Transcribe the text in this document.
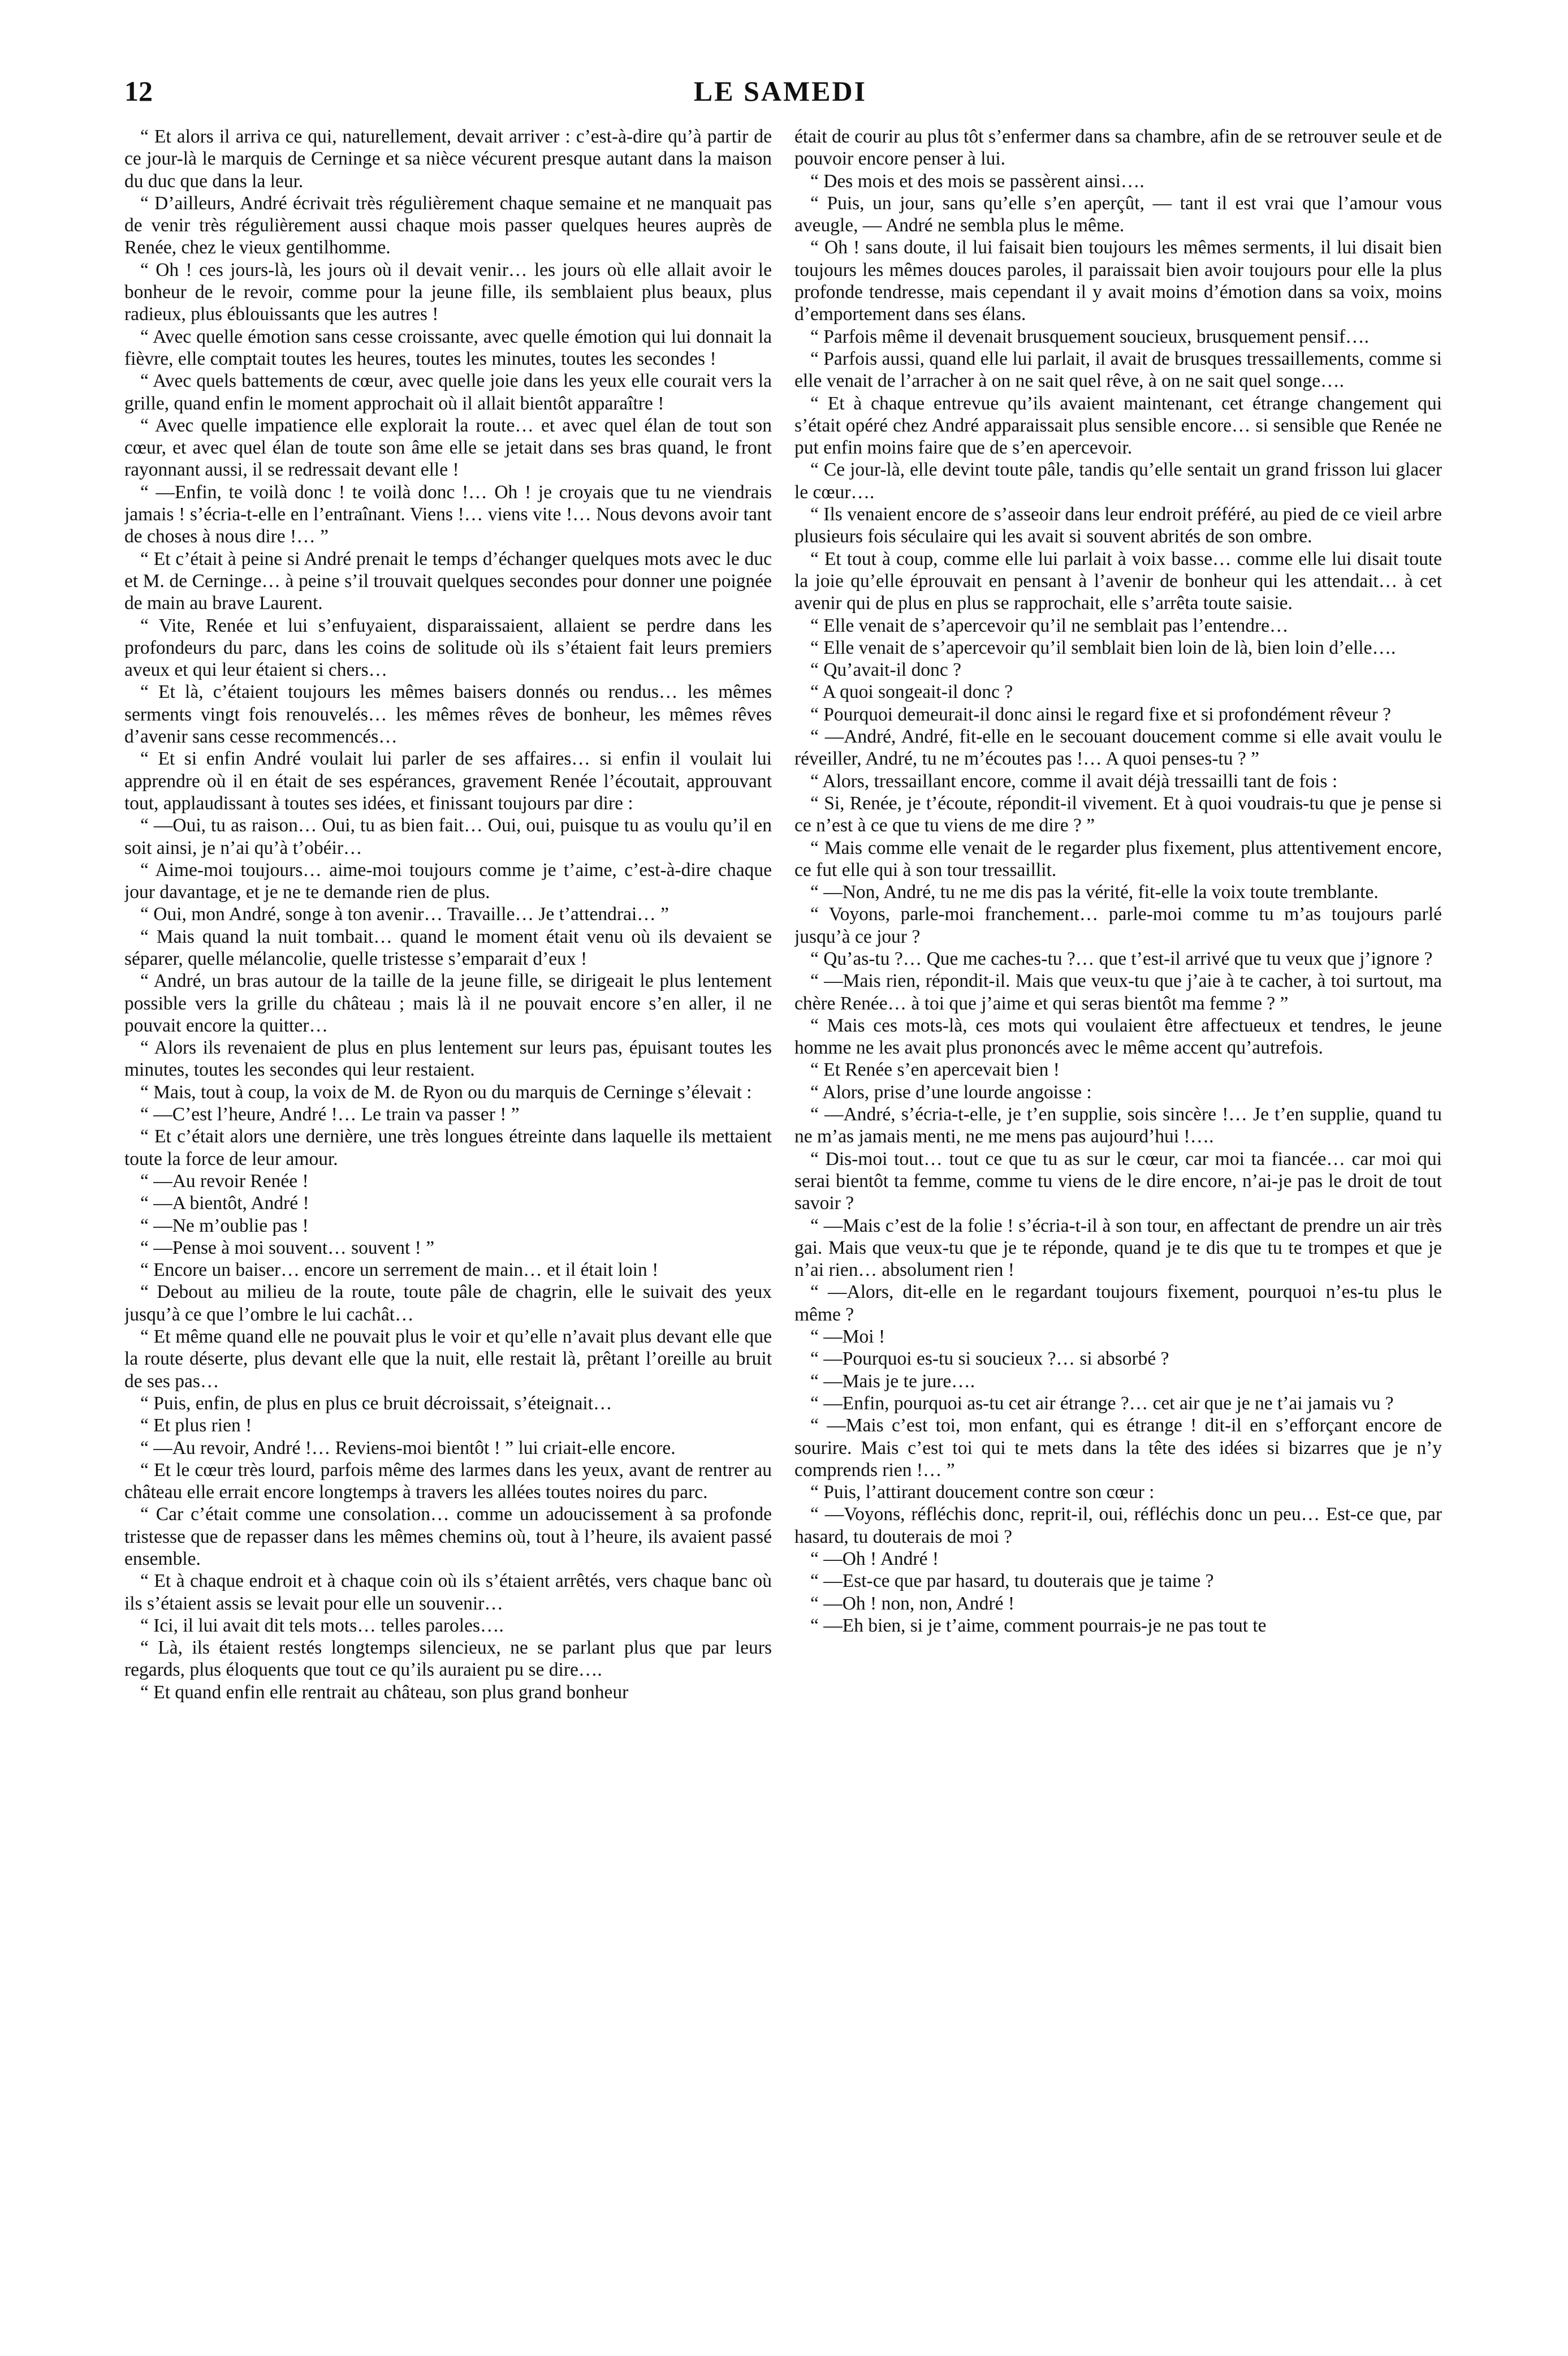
12	LE SAMEDI

“ Et alors il arriva ce qui, naturellement, devait arriver : c’est-à-dire qu’à partir de ce jour-là le marquis de Cerninge et sa nièce vécurent presque autant dans la maison du duc que dans la leur.

“ D’ailleurs, André écrivait très régulièrement chaque semaine et ne manquait pas de venir très régulièrement aussi chaque mois passer quelques heures auprès de Renée, chez le vieux gentilhomme.

“ Oh ! ces jours-là, les jours où il devait venir… les jours où elle allait avoir le bonheur de le revoir, comme pour la jeune fille, ils semblaient plus beaux, plus radieux, plus éblouissants que les autres !

“ Avec quelle émotion sans cesse croissante, avec quelle émotion qui lui donnait la fièvre, elle comptait toutes les heures, toutes les minutes, toutes les secondes !

“ Avec quels battements de cœur, avec quelle joie dans les yeux elle courait vers la grille, quand enfin le moment approchait où il allait bientôt apparaître !

“ Avec quelle impatience elle explorait la route… et avec quel élan de tout son cœur, et avec quel élan de toute son âme elle se jetait dans ses bras quand, le front rayonnant aussi, il se redressait devant elle !

“ —Enfin, te voilà donc ! te voilà donc !… Oh ! je croyais que tu ne viendrais jamais ! s’écria-t-elle en l’entraînant. Viens !… viens vite !… Nous devons avoir tant de choses à nous dire !… ”

“ Et c’était à peine si André prenait le temps d’échanger quelques mots avec le duc et M. de Cerninge… à peine s’il trouvait quelques secondes pour donner une poignée de main au brave Laurent.

“ Vite, Renée et lui s’enfuyaient, disparaissaient, allaient se perdre dans les profondeurs du parc, dans les coins de solitude où ils s’étaient fait leurs premiers aveux et qui leur étaient si chers…

“ Et là, c’étaient toujours les mêmes baisers donnés ou rendus… les mêmes serments vingt fois renouvelés… les mêmes rêves de bonheur, les mêmes rêves d’avenir sans cesse recommencés…

“ Et si enfin André voulait lui parler de ses affaires… si enfin il voulait lui apprendre où il en était de ses espérances, gravement Renée l’écoutait, approuvant tout, applaudissant à toutes ses idées, et finissant toujours par dire :

“ —Oui, tu as raison… Oui, tu as bien fait… Oui, oui, puisque tu as voulu qu’il en soit ainsi, je n’ai qu’à t’obéir…

“ Aime-moi toujours… aime-moi toujours comme je t’aime, c’est-à-dire chaque jour davantage, et je ne te demande rien de plus.

“ Oui, mon André, songe à ton avenir… Travaille… Je t’attendrai… ”

“ Mais quand la nuit tombait… quand le moment était venu où ils devaient se séparer, quelle mélancolie, quelle tristesse s’emparait d’eux !

“ André, un bras autour de la taille de la jeune fille, se dirigeait le plus lentement possible vers la grille du château ; mais là il ne pouvait encore s’en aller, il ne pouvait encore la quitter…

“ Alors ils revenaient de plus en plus lentement sur leurs pas, épuisant toutes les minutes, toutes les secondes qui leur restaient.

“ Mais, tout à coup, la voix de M. de Ryon ou du marquis de Cerninge s’élevait :

“ —C’est l’heure, André !… Le train va passer ! ”

“ Et c’était alors une dernière, une très longues étreinte dans laquelle ils mettaient toute la force de leur amour.

“ —Au revoir Renée !

“ —A bientôt, André !

“ —Ne m’oublie pas !

“ —Pense à moi souvent… souvent ! ”

“ Encore un baiser… encore un serrement de main… et il était loin !

“ Debout au milieu de la route, toute pâle de chagrin, elle le suivait des yeux jusqu’à ce que l’ombre le lui cachât…

“ Et même quand elle ne pouvait plus le voir et qu’elle n’avait plus devant elle que la route déserte, plus devant elle que la nuit, elle restait là, prêtant l’oreille au bruit de ses pas…

“ Puis, enfin, de plus en plus ce bruit décroissait, s’éteignait…

“ Et plus rien !

“ —Au revoir, André !… Reviens-moi bientôt ! ” lui criait-elle encore.

“ Et le cœur très lourd, parfois même des larmes dans les yeux, avant de rentrer au château elle errait encore longtemps à travers les allées toutes noires du parc.

“ Car c’était comme une consolation… comme un adoucissement à sa profonde tristesse que de repasser dans les mêmes chemins où, tout à l’heure, ils avaient passé ensemble.

“ Et à chaque endroit et à chaque coin où ils s’étaient arrêtés, vers chaque banc où ils s’étaient assis se levait pour elle un souvenir…

“ Ici, il lui avait dit tels mots… telles paroles….

“ Là, ils étaient restés longtemps silencieux, ne se parlant plus que par leurs regards, plus éloquents que tout ce qu’ils auraient pu se dire….

“ Et quand enfin elle rentrait au château, son plus grand bonheur

était de courir au plus tôt s’enfermer dans sa chambre, afin de se retrouver seule et de pouvoir encore penser à lui.

“ Des mois et des mois se passèrent ainsi….

“ Puis, un jour, sans qu’elle s’en aperçût, — tant il est vrai que l’amour vous aveugle, — André ne sembla plus le même.

“ Oh ! sans doute, il lui faisait bien toujours les mêmes serments, il lui disait bien toujours les mêmes douces paroles, il paraissait bien avoir toujours pour elle la plus profonde tendresse, mais cependant il y avait moins d’émotion dans sa voix, moins d’emportement dans ses élans.

“ Parfois même il devenait brusquement soucieux, brusquement pensif….

“ Parfois aussi, quand elle lui parlait, il avait de brusques tressaillements, comme si elle venait de l’arracher à on ne sait quel rêve, à on ne sait quel songe….

“ Et à chaque entrevue qu’ils avaient maintenant, cet étrange changement qui s’était opéré chez André apparaissait plus sensible encore… si sensible que Renée ne put enfin moins faire que de s’en apercevoir.

“ Ce jour-là, elle devint toute pâle, tandis qu’elle sentait un grand frisson lui glacer le cœur….

“ Ils venaient encore de s’asseoir dans leur endroit préféré, au pied de ce vieil arbre plusieurs fois séculaire qui les avait si souvent abrités de son ombre.

“ Et tout à coup, comme elle lui parlait à voix basse… comme elle lui disait toute la joie qu’elle éprouvait en pensant à l’avenir de bonheur qui les attendait… à cet avenir qui de plus en plus se rapprochait, elle s’arrêta toute saisie.

“ Elle venait de s’apercevoir qu’il ne semblait pas l’entendre…

“ Elle venait de s’apercevoir qu’il semblait bien loin de là, bien loin d’elle….

“ Qu’avait-il donc ?

“ A quoi songeait-il donc ?

“ Pourquoi demeurait-il donc ainsi le regard fixe et si profondément rêveur ?

“ —André, André, fit-elle en le secouant doucement comme si elle avait voulu le réveiller, André, tu ne m’écoutes pas !… A quoi penses-tu ? ”

“ Alors, tressaillant encore, comme il avait déjà tressailli tant de fois :

“ Si, Renée, je t’écoute, répondit-il vivement. Et à quoi voudrais-tu que je pense si ce n’est à ce que tu viens de me dire ? ”

“ Mais comme elle venait de le regarder plus fixement, plus attentivement encore, ce fut elle qui à son tour tressaillit.

“ —Non, André, tu ne me dis pas la vérité, fit-elle la voix toute tremblante.

“ Voyons, parle-moi franchement… parle-moi comme tu m’as toujours parlé jusqu’à ce jour ?

“ Qu’as-tu ?… Que me caches-tu ?… que t’est-il arrivé que tu veux que j’ignore ?

“ —Mais rien, répondit-il. Mais que veux-tu que j’aie à te cacher, à toi surtout, ma chère Renée… à toi que j’aime et qui seras bientôt ma femme ? ”

“ Mais ces mots-là, ces mots qui voulaient être affectueux et tendres, le jeune homme ne les avait plus prononcés avec le même accent qu’autrefois.

“ Et Renée s’en apercevait bien !

“ Alors, prise d’une lourde angoisse :

“ —André, s’écria-t-elle, je t’en supplie, sois sincère !… Je t’en supplie, quand tu ne m’as jamais menti, ne me mens pas aujourd’hui !….

“ Dis-moi tout… tout ce que tu as sur le cœur, car moi ta fiancée… car moi qui serai bientôt ta femme, comme tu viens de le dire encore, n’ai-je pas le droit de tout savoir ?

“ —Mais c’est de la folie ! s’écria-t-il à son tour, en affectant de prendre un air très gai. Mais que veux-tu que je te réponde, quand je te dis que tu te trompes et que je n’ai rien… absolument rien !

“ —Alors, dit-elle en le regardant toujours fixement, pourquoi n’es-tu plus le même ?

“ —Moi !

“ —Pourquoi es-tu si soucieux ?… si absorbé ?

“ —Mais je te jure….

“ —Enfin, pourquoi as-tu cet air étrange ?… cet air que je ne t’ai jamais vu ?

“ —Mais c’est toi, mon enfant, qui es étrange ! dit-il en s’efforçant encore de sourire. Mais c’est toi qui te mets dans la tête des idées si bizarres que je n’y comprends rien !… ”

“ Puis, l’attirant doucement contre son cœur :

“ —Voyons, réfléchis donc, reprit-il, oui, réfléchis donc un peu… Est-ce que, par hasard, tu douterais de moi ?

“ —Oh ! André !

“ —Est-ce que par hasard, tu douterais que je taime ?

“ —Oh ! non, non, André !

“ —Eh bien, si je t’aime, comment pourrais-je ne pas tout te
